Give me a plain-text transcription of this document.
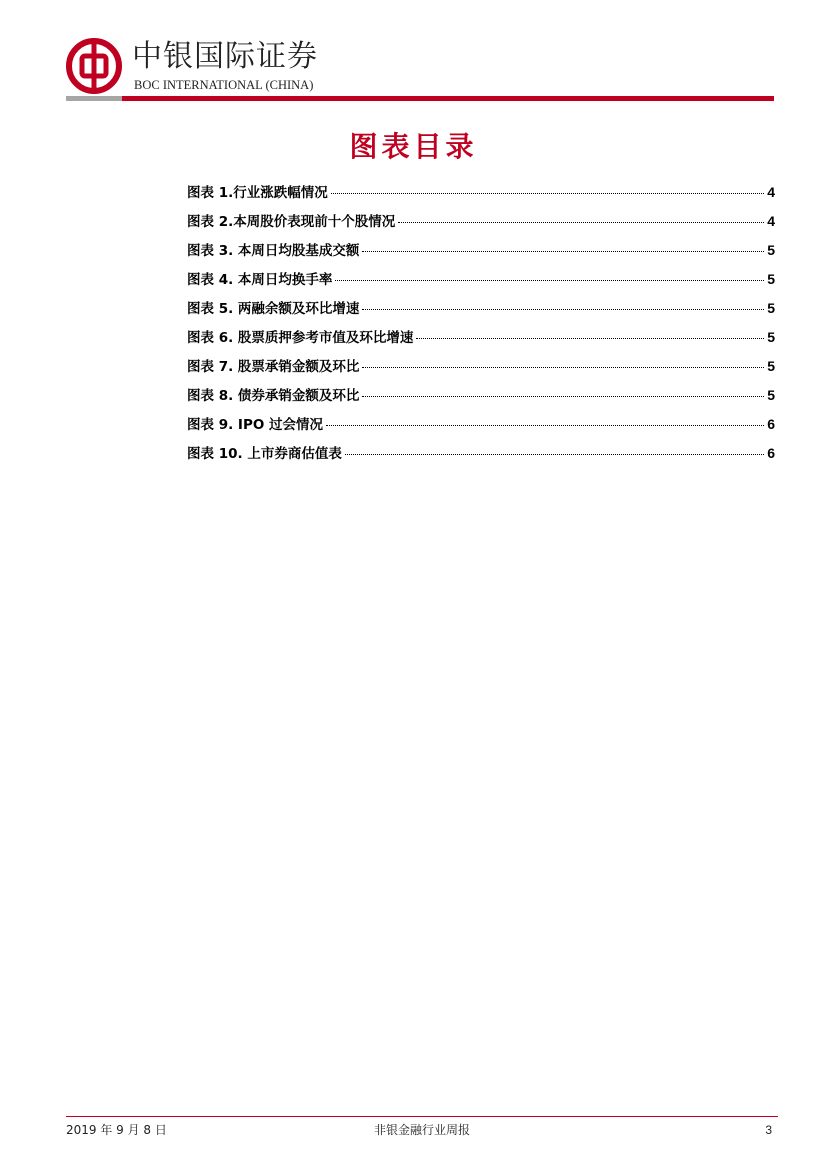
中银国际证券
BOC INTERNATIONAL (CHINA)
图表目录
图表 1.行业涨跌幅情况	4
图表 2.本周股价表现前十个股情况	4
图表 3. 本周日均股基成交额	5
图表 4. 本周日均换手率	5
图表 5. 两融余额及环比增速	5
图表 6. 股票质押参考市值及环比增速	5
图表 7. 股票承销金额及环比	5
图表 8. 债券承销金额及环比	5
图表 9. IPO 过会情况	6
图表 10. 上市券商估值表	6
2019 年 9 月 8 日	非银金融行业周报	3
